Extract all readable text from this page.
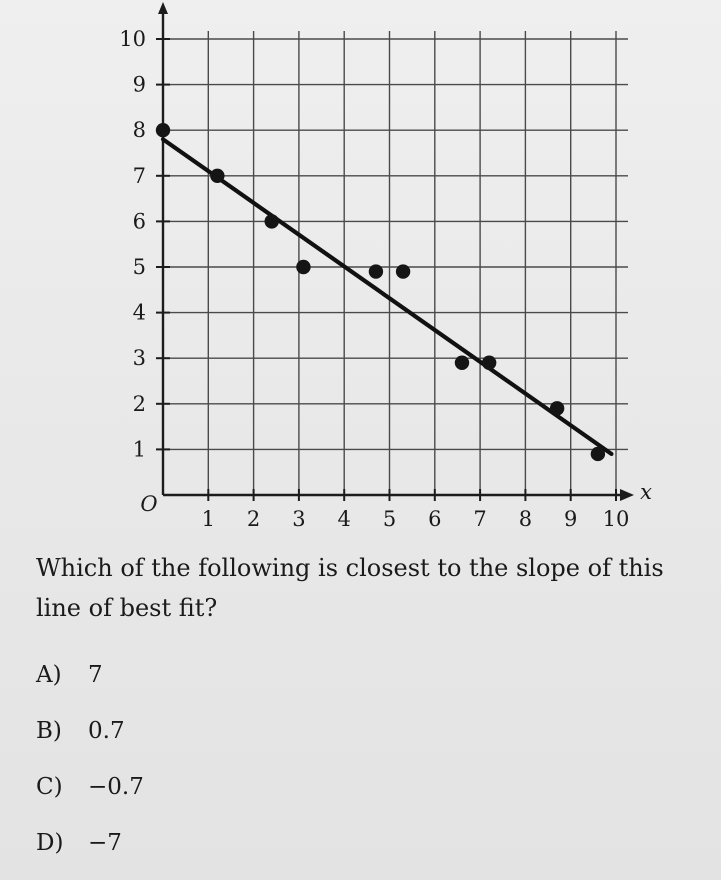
1 2 3 4 5 6 7 8 9 10
1
2
3
4
5
6
7
8
9
10
O	x

Which of the following is closest to the slope of this line of best fit?

A)	7
B)	0.7
C)	−0.7
D)	−7
